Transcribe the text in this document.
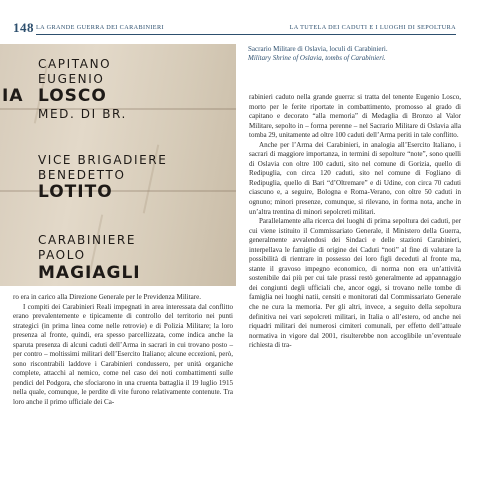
148 LA GRANDE GUERRA DEI CARABINIERI	LA TUTELA DEI CADUTI E I LUOGHI DI SEPOLTURA
CAPITANO
EUGENIO
LOSCO
MED. DI BR.
VICE BRIGADIERE
BENEDETTO
LOTITO
CARABINIERE
PAOLO
MAGIAGLI
IA
Sacrario Militare di Oslavia, loculi di Carabinieri.
Military Shrine of Oslavia, tombs of Carabinieri.

ro era in carico alla Direzione Generale per le Previdenza Militare.

I compiti dei Carabinieri Reali impegnati in area interessata dal conflitto erano prevalentemente e tipicamente di controllo del territorio nei punti strategici (in prima linea come nelle retrovie) e di Polizia Militare; la loro presenza al fronte, quindi, era spesso parcellizzata, come indica anche la sparuta presenza di alcuni caduti dell’Arma in sacrari in cui trovano posto – per contro – moltissimi militari dell’Esercito Italiano; alcune eccezioni, però, sono riscontrabili laddove i Carabinieri condussero, per unità organiche complete, attacchi al nemico, come nel caso dei noti combattimenti sulle pendici del Podgora, che sfociarono in una cruenta battaglia il 19 luglio 1915 nella quale, comunque, le perdite di vite furono relativamente contenute. Tra loro anche il primo ufficiale dei Ca-

rabinieri caduto nella grande guerra: si tratta del tenente Eugenio Losco, morto per le ferite riportate in combattimento, promosso al grado di capitano e decorato “alla memoria” di Medaglia di Bronzo al Valor Militare, sepolto in – forma perenne – nel Sacrario Militare di Oslavia alla tomba 29, unitamente ad oltre 100 caduti dell’Arma periti in tale conflitto.

Anche per l’Arma dei Carabinieri, in analogia all’Esercito Italiano, i sacrari di maggiore importanza, in termini di sepolture “note”, sono quelli di Oslavia con oltre 100 caduti, sito nel comune di Gorizia, quello di Redipuglia, con circa 120 caduti, sito nel comune di Fogliano di Redipuglia, quello di Bari “d’Oltremare” e di Udine, con circa 70 caduti ciascuno e, a seguire, Bologna e Roma-Verano, con oltre 50 caduti in ognuno; minori presenze, comunque, si rilevano, in forma nota, anche in un’altra trentina di minori sepolcreti militari.

Parallelamente alla ricerca dei luoghi di prima sepoltura dei caduti, per cui viene istituito il Commissariato Generale, il Ministero della Guerra, generalmente avvalendosi dei Sindaci e delle stazioni Carabinieri, interpellava le famiglie di origine dei Caduti “noti” al fine di valutare la possibilità di rientrare in possesso dei loro figli deceduti al fronte ma, stante il gravoso impegno economico, di norma non era un’attività sostenibile dai più per cui tale prassi restò generalmente ad appannaggio dei congiunti degli ufficiali che, ancor oggi, si trovano nelle tombe di famiglia nei luoghi natii, censiti e monitorati dal Commissariato Generale che ne cura la memoria. Per gli altri, invece, a seguito della sepoltura definitiva nei vari sepolcreti militari, in Italia o all’estero, od anche nei riquadri militari dei numerosi cimiteri comunali, per effetto dell’attuale normativa in vigore dal 2001, risulterebbe non accoglibile un’eventuale richiesta di tra-
